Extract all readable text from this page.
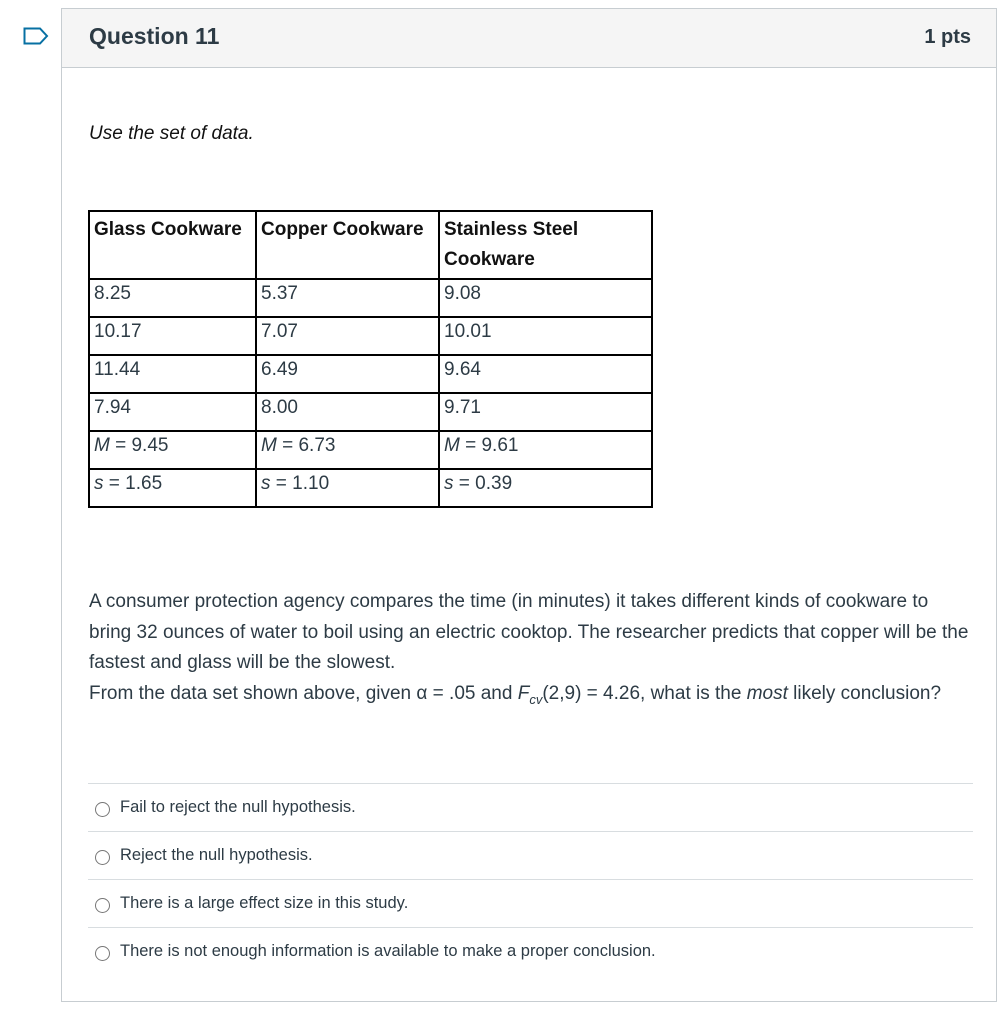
Question 11	1 pts
Use the set of data.
Glass Cookware	Copper Cookware	Stainless Steel Cookware
8.25	5.37	9.08
10.17	7.07	10.01
11.44	6.49	9.64
7.94	8.00	9.71
M = 9.45	M = 6.73	M = 9.61
s = 1.65	s = 1.10	s = 0.39
A consumer protection agency compares the time (in minutes) it takes different kinds of cookware to bring 32 ounces of water to boil using an electric cooktop. The researcher predicts that copper will be the fastest and glass will be the slowest.
From the data set shown above, given α = .05 and $F_{cv}(2,9) = 4.26$, what is the most likely conclusion?
Fail to reject the null hypothesis.
Reject the null hypothesis.
There is a large effect size in this study.
There is not enough information is available to make a proper conclusion.
